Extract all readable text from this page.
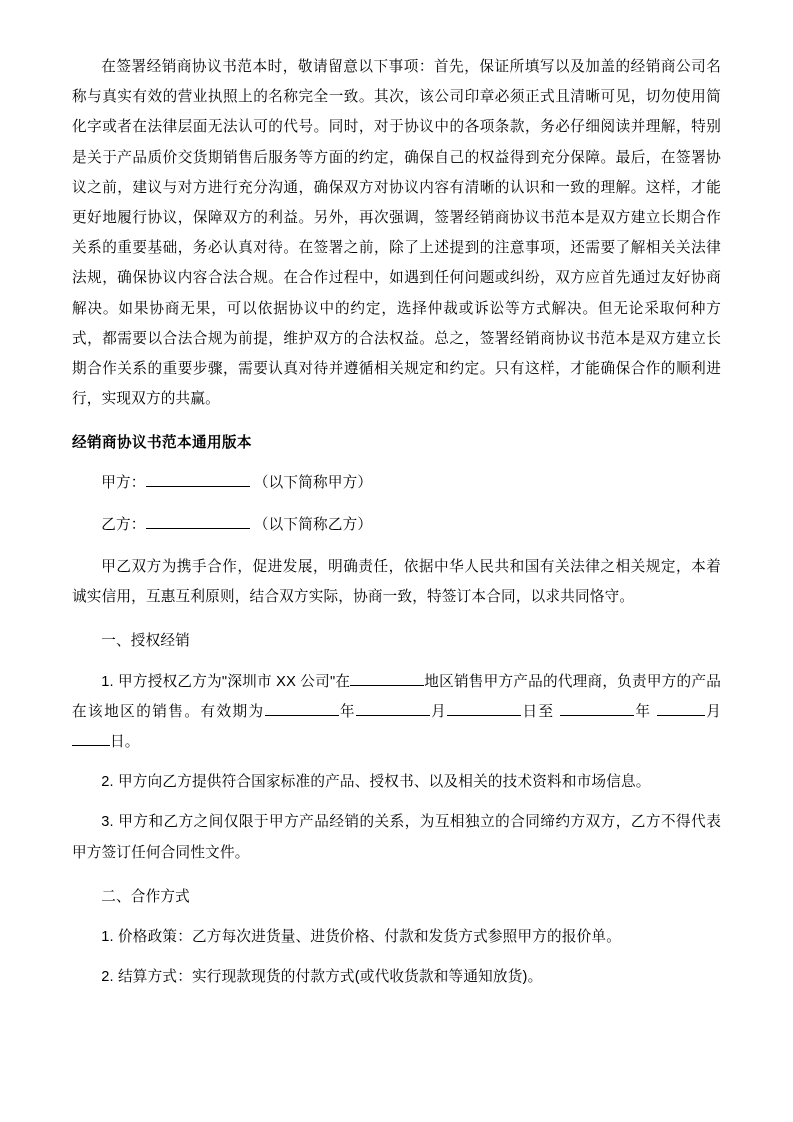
在签署经销商协议书范本时，敬请留意以下事项：首先，保证所填写以及加盖的经销商公司名称与真实有效的营业执照上的名称完全一致。其次，该公司印章必须正式且清晰可见，切勿使用简化字或者在法律层面无法认可的代号。同时，对于协议中的各项条款，务必仔细阅读并理解，特别是关于产品质价交货期销售后服务等方面的约定，确保自己的权益得到充分保障。最后，在签署协议之前，建议与对方进行充分沟通，确保双方对协议内容有清晰的认识和一致的理解。这样，才能更好地履行协议，保障双方的利益。另外，再次强调，签署经销商协议书范本是双方建立长期合作关系的重要基础，务必认真对待。在签署之前，除了上述提到的注意事项，还需要了解相关关法律法规，确保协议内容合法合规。在合作过程中，如遇到任何问题或纠纷，双方应首先通过友好协商解决。如果协商无果，可以依据协议中的约定，选择仲裁或诉讼等方式解决。但无论采取何种方式，都需要以合法合规为前提，维护双方的合法权益。总之，签署经销商协议书范本是双方建立长期合作关系的重要步骤，需要认真对待并遵循相关规定和约定。只有这样，才能确保合作的顺利进行，实现双方的共赢。

经销商协议书范本通用版本

甲方：	（以下简称甲方）

乙方：	（以下简称乙方）

甲乙双方为携手合作，促进发展，明确责任，依据中华人民共和国有关法律之相关规定，本着诚实信用，互惠互利原则，结合双方实际，协商一致，特签订本合同，以求共同恪守。

一、授权经销

1. 甲方授权乙方为"深圳市 XX 公司"在	地区销售甲方产品的代理商，负责甲方的产品在该地区的销售。有效期为	年	月	日至	年	月日。

2. 甲方向乙方提供符合国家标准的产品、授权书、以及相关的技术资料和市场信息。

3. 甲方和乙方之间仅限于甲方产品经销的关系，为互相独立的合同缔约方双方，乙方不得代表甲方签订任何合同性文件。

二、合作方式

1. 价格政策：乙方每次进货量、进货价格、付款和发货方式参照甲方的报价单。

2. 结算方式：实行现款现货的付款方式(或代收货款和等通知放货)。
